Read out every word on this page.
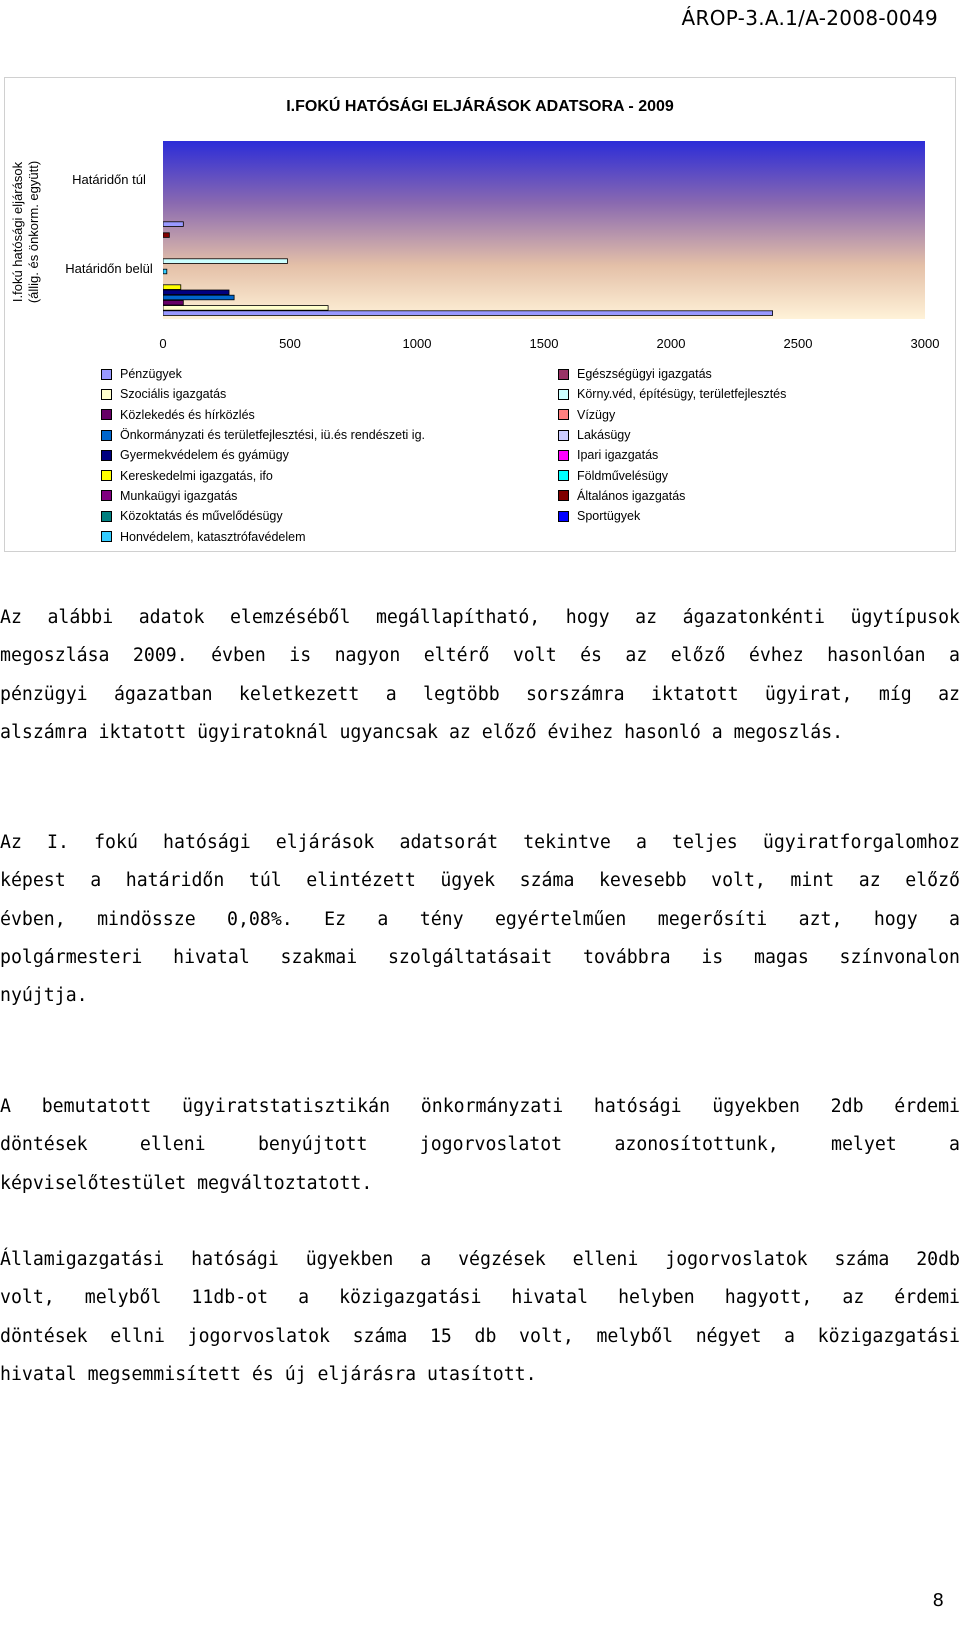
ÁROP-3.A.1/A-2008-0049
I.FOKÚ HATÓSÁGI ELJÁRÁSOK ADATSORA - 2009
I.fokú hatósági eljárások (állig. és önkorm. együtt)	Határidőn túl
Határidőn belül
0	500	1000	1500	2000	2500	3000
Pénzügyek
Szociális igazgatás
Közlekedés és hírközlés
Önkormányzati és területfejlesztési, iü.és rendészeti ig.
Gyermekvédelem és gyámügy
Kereskedelmi igazgatás, ifo
Munkaügyi igazgatás
Közoktatás és művelődésügy
Honvédelem, katasztrófavédelem
Egészségügyi igazgatás
Körny.véd, építésügy, területfejlesztés
Vízügy
Lakásügy
Ipari igazgatás
Földművelésügy
Általános igazgatás
Sportügyek
Az alábbi adatok elemzéséből megállapítható, hogy az ágazatonkénti ügytípusok
megoszlása 2009. évben is nagyon eltérő volt és az előző évhez hasonlóan a
pénzügyi ágazatban keletkezett a legtöbb sorszámra iktatott ügyirat, míg az
alszámra iktatott ügyiratoknál ugyancsak az előző évihez hasonló a megoszlás.
Az I. fokú hatósági eljárások adatsorát tekintve a teljes ügyiratforgalomhoz
képest a határidőn túl elintézett ügyek száma kevesebb volt, mint az előző
évben, mindössze 0,08%. Ez a tény egyértelműen megerősíti azt, hogy a
polgármesteri hivatal szakmai szolgáltatásait továbbra is magas színvonalon
nyújtja.
A bemutatott ügyiratstatisztikán önkormányzati hatósági ügyekben 2db érdemi
döntések elleni benyújtott jogorvoslatot azonosítottunk, melyet a
képviselőtestület megváltoztatott.
Államigazgatási hatósági ügyekben a végzések elleni jogorvoslatok száma 20db
volt, melyből 11db-ot a közigazgatási hivatal helyben hagyott, az érdemi
döntések ellni jogorvoslatok száma 15 db volt, melyből négyet a közigazgatási
hivatal megsemmisített és új eljárásra utasított.
8
